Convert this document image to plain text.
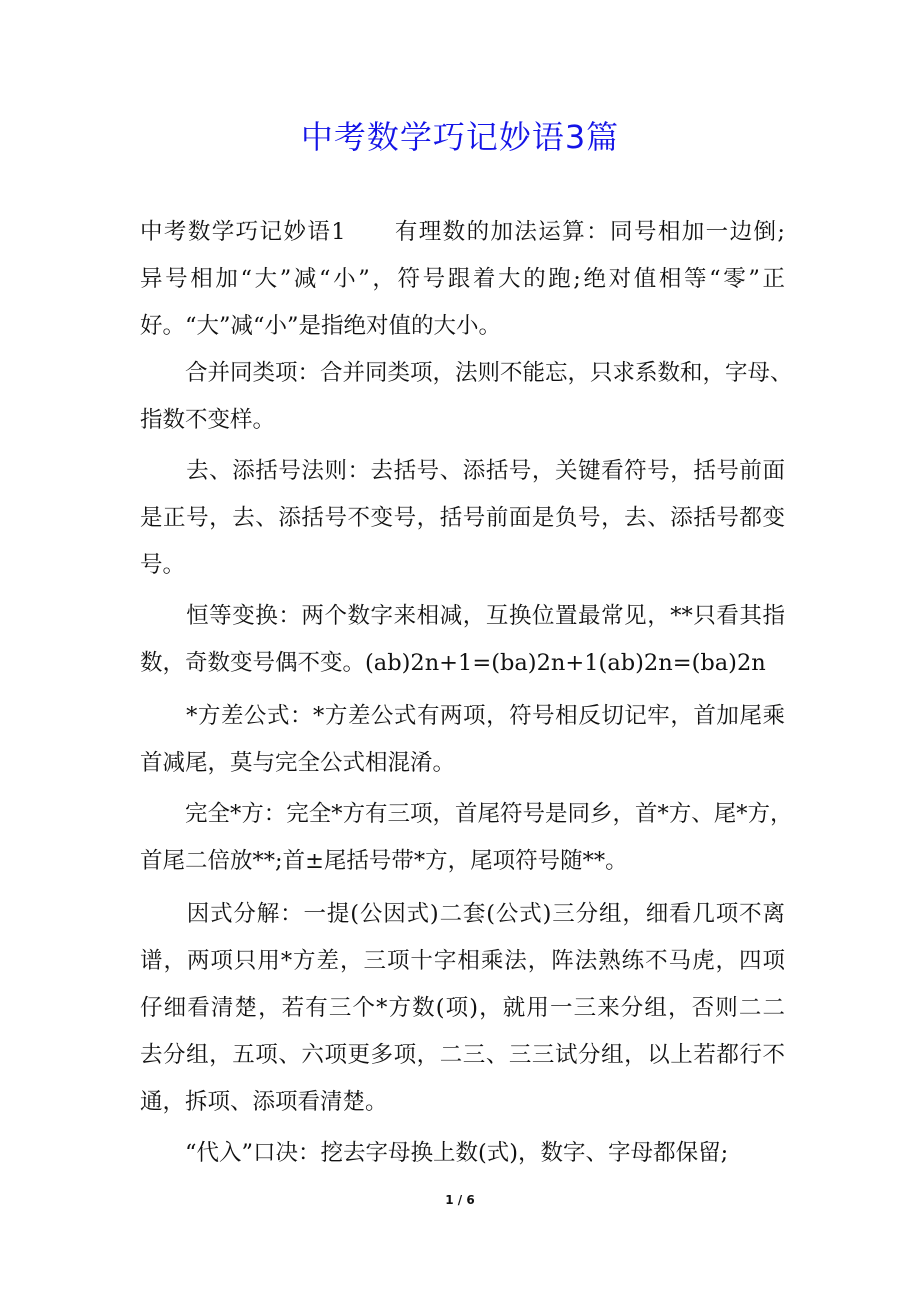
中考数学巧记妙语3篇
中考数学巧记妙语1　　有理数的加法运算：同号相加一边倒;
异号相加“大”减“小”，符号跟着大的跑;绝对值相等“零”正
好。“大”减“小”是指绝对值的大小。
　　合并同类项：合并同类项，法则不能忘，只求系数和，字母、
指数不变样。
　　去、添括号法则：去括号、添括号，关键看符号，括号前面
是正号，去、添括号不变号，括号前面是负号，去、添括号都变
号。
　　恒等变换：两个数字来相减，互换位置最常见，**只看其指
数，奇数变号偶不变。(ab)2n+1=(ba)2n+1(ab)2n=(ba)2n
　　*方差公式：*方差公式有两项，符号相反切记牢，首加尾乘
首减尾，莫与完全公式相混淆。
　　完全*方：完全*方有三项，首尾符号是同乡，首*方、尾*方，
首尾二倍放**;首±尾括号带*方，尾项符号随**。
　　因式分解：一提(公因式)二套(公式)三分组，细看几项不离
谱，两项只用*方差，三项十字相乘法，阵法熟练不马虎，四项
仔细看清楚，若有三个*方数(项)，就用一三来分组，否则二二
去分组，五项、六项更多项，二三、三三试分组，以上若都行不
通，拆项、添项看清楚。
　　“代入”口决：挖去字母换上数(式)，数字、字母都保留;
1 / 6
